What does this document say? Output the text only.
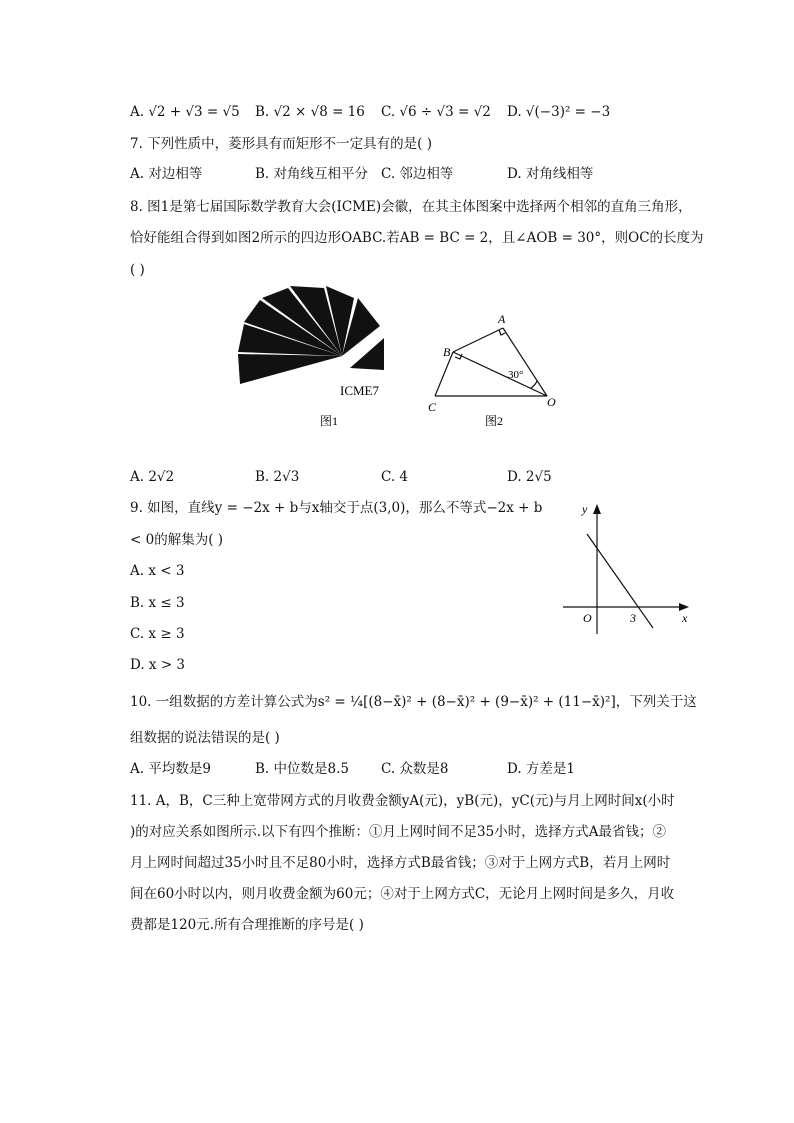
A. √2 + √3 = √5 B. √2 × √8 = 16 C. √6 ÷ √3 = √2 D. √(−3)² = −3
7. 下列性质中，菱形具有而矩形不一定具有的是( )
A. 对边相等	B. 对角线互相平分 C. 邻边相等	D. 对角线相等
8. 图1是第七届国际数学教育大会(ICME)会徽，在其主体图案中选择两个相邻的直角三角形，
恰好能组合得到如图2所示的四边形OABC.若AB = BC = 2，且∠AOB = 30°，则OC的长度为
( )
ICME7
图1
A
B
C	O
30°
图2
A. 2√2	B. 2√3	C. 4	D. 2√5
9. 如图，直线y = −2x + b与x轴交于点(3,0)，那么不等式−2x + b
< 0的解集为( )
A. x < 3
B. x ≤ 3
C. x ≥ 3
D. x > 3
y
x
O	3
10. 一组数据的方差计算公式为s² = ¼[(8−x̄)² + (8−x̄)² + (9−x̄)² + (11−x̄)²]，下列关于这
组数据的说法错误的是( )
A. 平均数是9	B. 中位数是8.5 C. 众数是8	D. 方差是1
11. A，B，C三种上宽带网方式的月收费金额yA(元)，yB(元)，yC(元)与月上网时间x(小时
)的对应关系如图所示.以下有四个推断：①月上网时间不足35小时，选择方式A最省钱；②
月上网时间超过35小时且不足80小时，选择方式B最省钱；③对于上网方式B，若月上网时
间在60小时以内，则月收费金额为60元；④对于上网方式C，无论月上网时间是多久，月收
费都是120元.所有合理推断的序号是( )
